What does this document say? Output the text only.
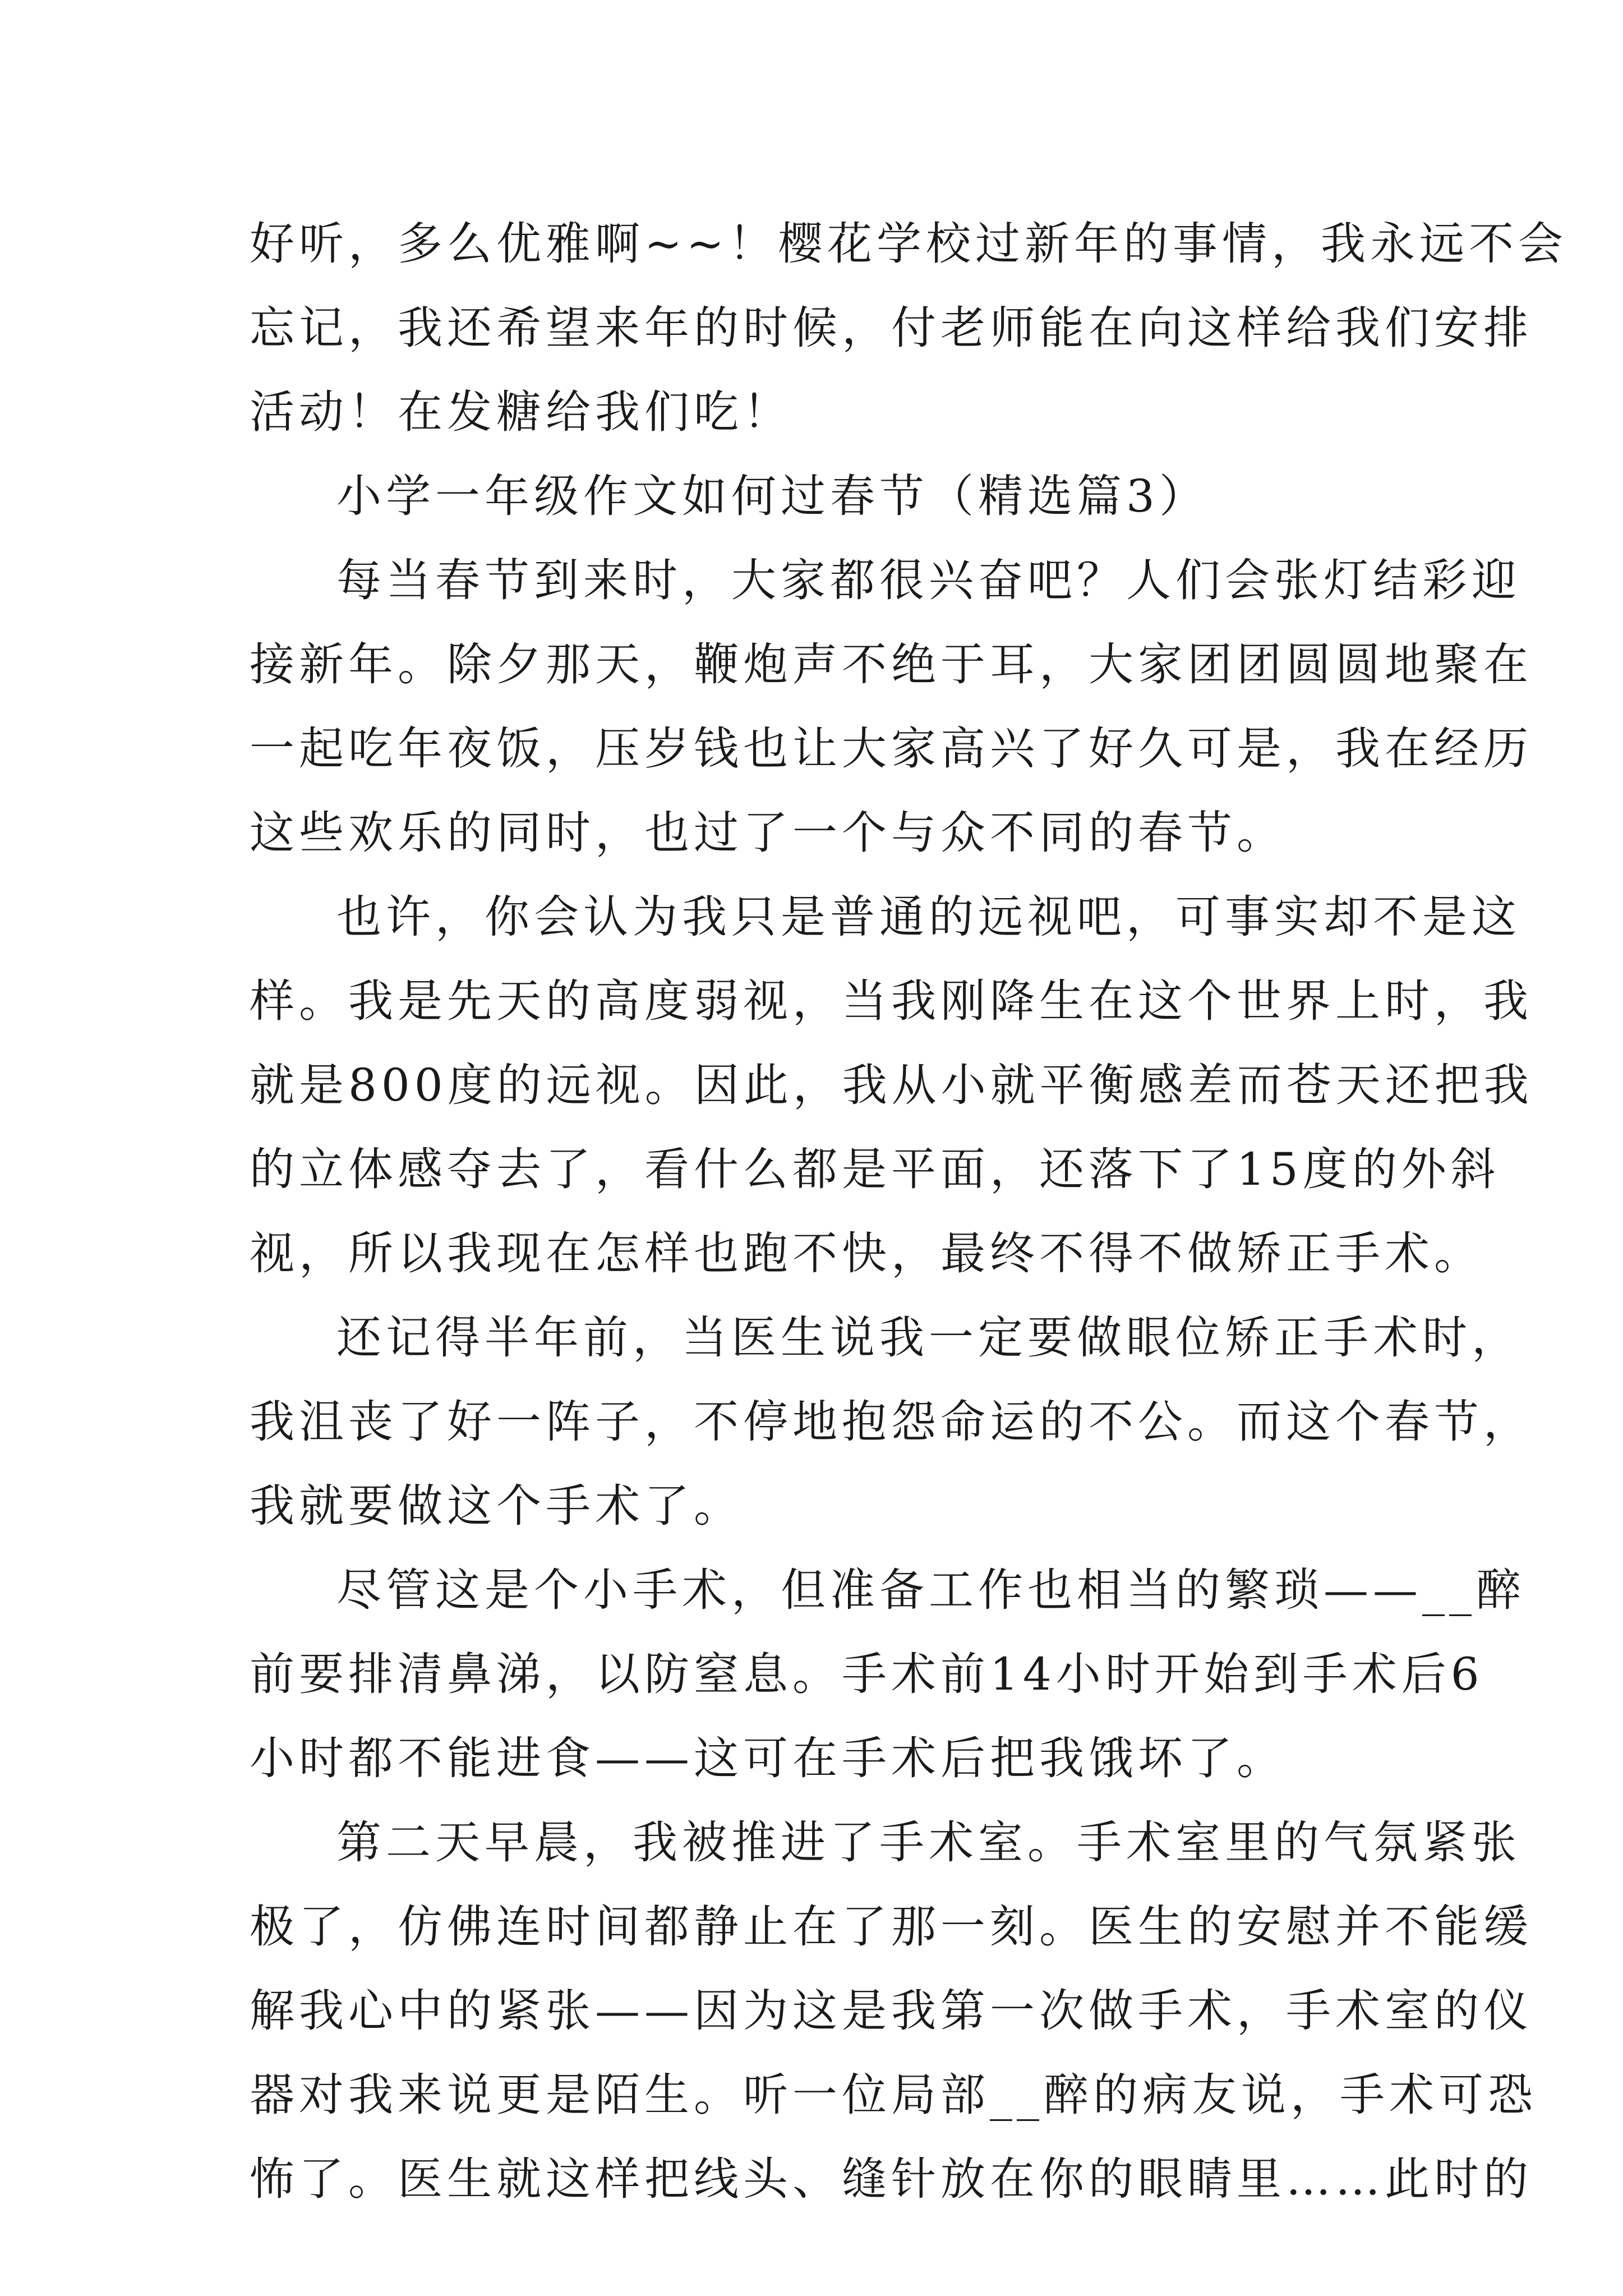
好听，多么优雅啊~~！樱花学校过新年的事情，我永远不会
忘记，我还希望来年的时候，付老师能在向这样给我们安排
活动！在发糖给我们吃！
小学一年级作文如何过春节（精选篇3）
每当春节到来时，大家都很兴奋吧？人们会张灯结彩迎
接新年。除夕那天，鞭炮声不绝于耳，大家团团圆圆地聚在
一起吃年夜饭，压岁钱也让大家高兴了好久可是，我在经历
这些欢乐的同时，也过了一个与众不同的春节。
也许，你会认为我只是普通的远视吧，可事实却不是这
样。我是先天的高度弱视，当我刚降生在这个世界上时，我
就是800度的远视。因此，我从小就平衡感差而苍天还把我
的立体感夺去了，看什么都是平面，还落下了15度的外斜
视，所以我现在怎样也跑不快，最终不得不做矫正手术。
还记得半年前，当医生说我一定要做眼位矫正手术时，
我沮丧了好一阵子，不停地抱怨命运的不公。而这个春节，
我就要做这个手术了。
尽管这是个小手术，但准备工作也相当的繁琐——__醉
前要排清鼻涕，以防窒息。手术前14小时开始到手术后6
小时都不能进食——这可在手术后把我饿坏了。
第二天早晨，我被推进了手术室。手术室里的气氛紧张
极了，仿佛连时间都静止在了那一刻。医生的安慰并不能缓
解我心中的紧张——因为这是我第一次做手术，手术室的仪
器对我来说更是陌生。听一位局部__醉的病友说，手术可恐
怖了。医生就这样把线头、缝针放在你的眼睛里……此时的
